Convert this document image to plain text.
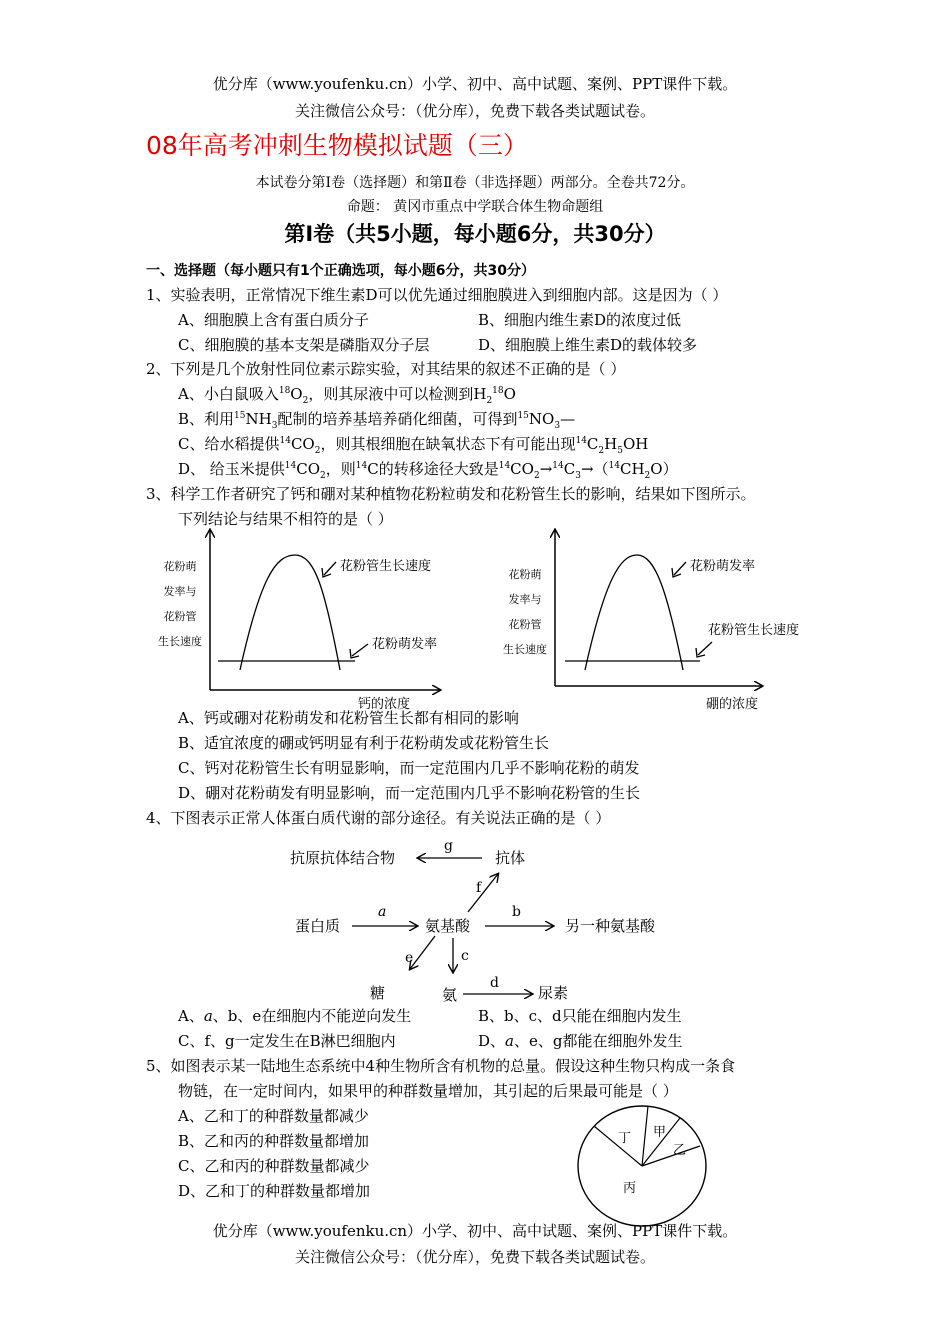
优分库（www.youfenku.cn）小学、初中、高中试题、案例、PPT课件下载。
关注微信公众号：（优分库），免费下载各类试题试卷。
08年高考冲刺生物模拟试题（三）
本试卷分第Ⅰ卷（选择题）和第Ⅱ卷（非选择题）两部分。全卷共72分。
命题： 黄冈市重点中学联合体生物命题组
第Ⅰ卷（共5小题，每小题6分，共30分）
一、选择题（每小题只有1个正确选项，每小题6分，共30分）
1、实验表明，正常情况下维生素D可以优先通过细胞膜进入到细胞内部。这是因为（ ）
A、细胞膜上含有蛋白质分子	B、细胞内维生素D的浓度过低
C、细胞膜的基本支架是磷脂双分子层	D、细胞膜上维生素D的载体较多
2、下列是几个放射性同位素示踪实验，对其结果的叙述不正确的是（ ）
A、小白鼠吸入$^{18}O_2$，则其尿液中可以检测到$H_2^{18}O$
B、利用$^{15}NH_3$配制的培养基培养硝化细菌，可得到$^{15}NO_3—$
C、给水稻提供$^{14}CO_2$，则其根细胞在缺氧状态下有可能出现$^{14}C_2H_5OH$
D、 给玉米提供$^{14}CO_2$，则$^{14}$C的转移途径大致是$^{14}CO_2\to^{14}C_3\to(^{14}CH_2O)$
3、科学工作者研究了钙和硼对某种植物花粉粒萌发和花粉管生长的影响，结果如下图所示。
下列结论与结果不相符的是（ ）
花粉萌
发率与
花粉管
生长速度
花粉管生长速度
花粉萌发率
钙的浓度
花粉萌
发率与
花粉管
生长速度
花粉萌发率
花粉管生长速度
硼的浓度
A、钙或硼对花粉萌发和花粉管生长都有相同的影响
B、适宜浓度的硼或钙明显有利于花粉萌发或花粉管生长
C、钙对花粉管生长有明显影响，而一定范围内几乎不影响花粉的萌发
D、硼对花粉萌发有明显影响，而一定范围内几乎不影响花粉管的生长
4、下图表示正常人体蛋白质代谢的部分途径。有关说法正确的是（ ）
抗原抗体结合物	抗体
蛋白质	氨基酸	另一种氨基酸
糖	氨	尿素
g
f
a	b
e	c
d
A、a、b、e在细胞内不能逆向发生	B、b、c、d只能在细胞内发生
C、f、g一定发生在B淋巴细胞内	D、a、e、g都能在细胞外发生
5、如图表示某一陆地生态系统中4种生物所含有机物的总量。假设这种生物只构成一条食
物链，在一定时间内，如果甲的种群数量增加，其引起的后果最可能是（ ）
A、乙和丁的种群数量都减少
B、乙和丙的种群数量都增加
C、乙和丙的种群数量都减少
D、乙和丁的种群数量都增加
丁 甲
乙
丙
优分库（www.youfenku.cn）小学、初中、高中试题、案例、PPT课件下载。
关注微信公众号：（优分库），免费下载各类试题试卷。
